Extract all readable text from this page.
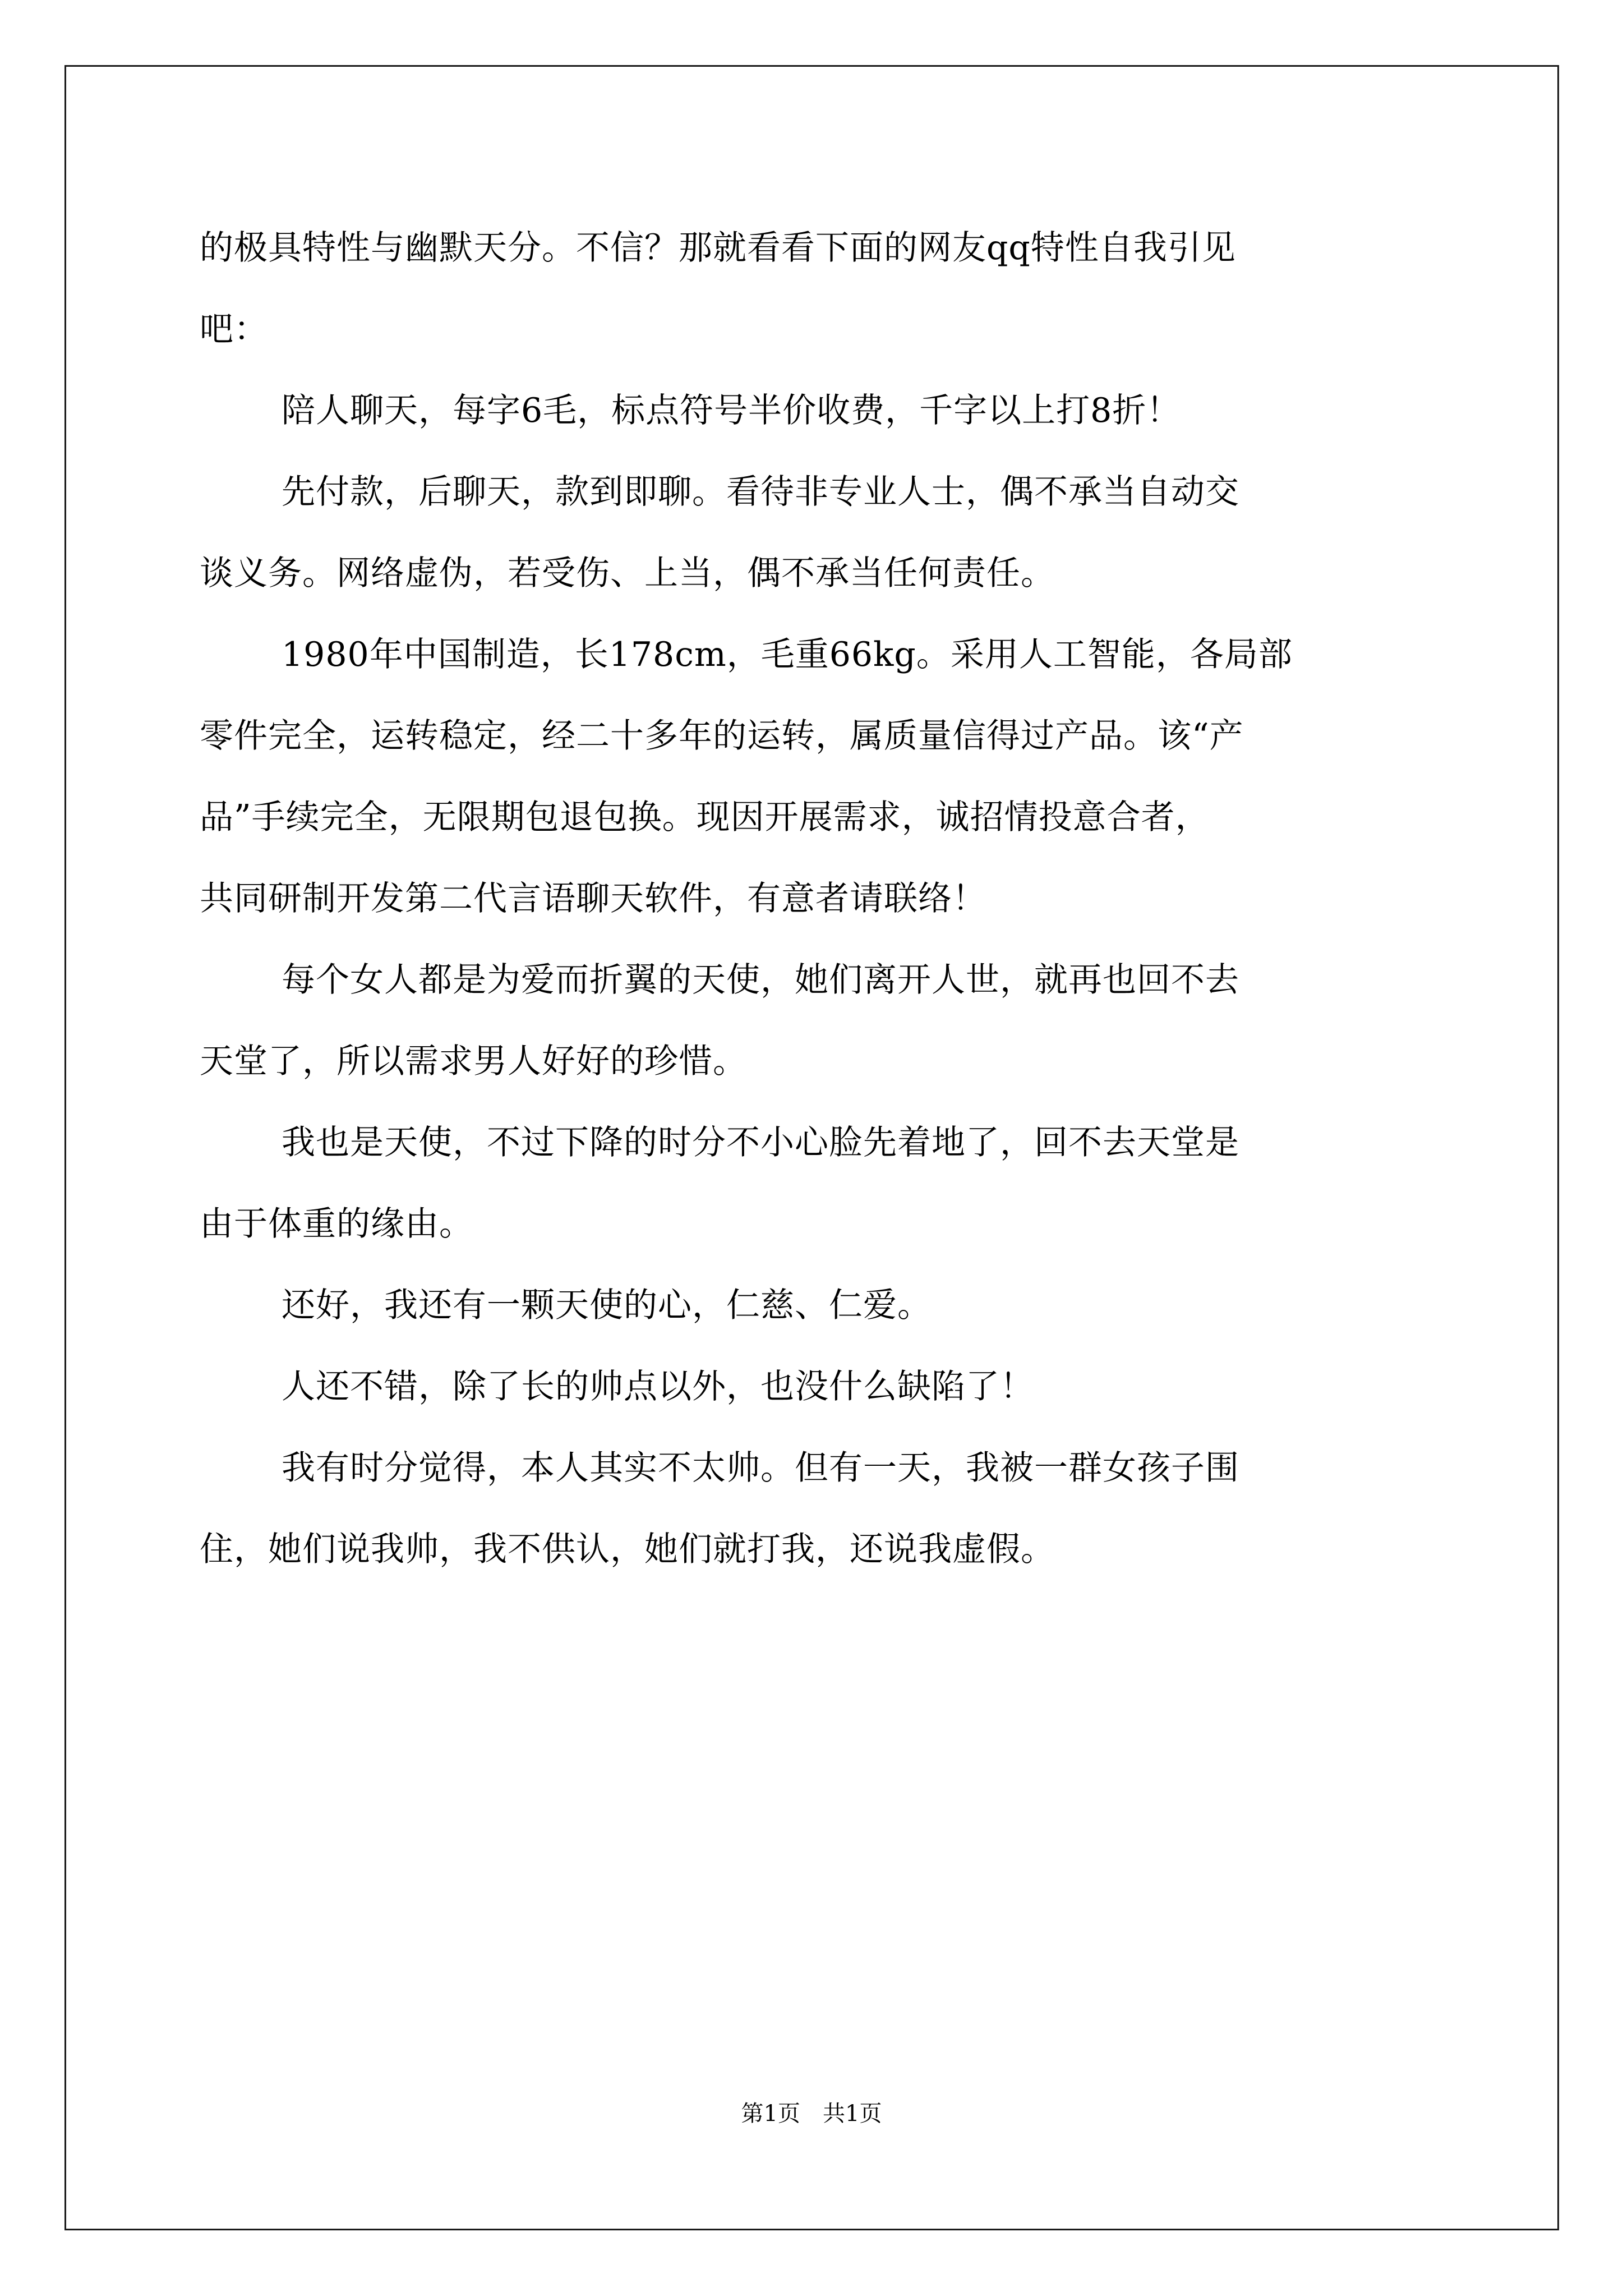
的极具特性与幽默天分。不信？那就看看下面的网友qq特性自我引见

吧：

陪人聊天，每字6毛，标点符号半价收费，千字以上打8折！

先付款，后聊天，款到即聊。看待非专业人士，偶不承当自动交

谈义务。网络虚伪，若受伤、上当，偶不承当任何责任。

1980年中国制造，长178cm，毛重66kg。采用人工智能，各局部

零件完全，运转稳定，经二十多年的运转，属质量信得过产品。该“产

品”手续完全，无限期包退包换。现因开展需求，诚招情投意合者，

共同研制开发第二代言语聊天软件，有意者请联络！

每个女人都是为爱而折翼的天使，她们离开人世，就再也回不去

天堂了，所以需求男人好好的珍惜。

我也是天使，不过下降的时分不小心脸先着地了，回不去天堂是

由于体重的缘由。

还好，我还有一颗天使的心，仁慈、仁爱。

人还不错，除了长的帅点以外，也没什么缺陷了！

我有时分觉得，本人其实不太帅。但有一天，我被一群女孩子围

住，她们说我帅，我不供认，她们就打我，还说我虚假。

第1页　共1页
